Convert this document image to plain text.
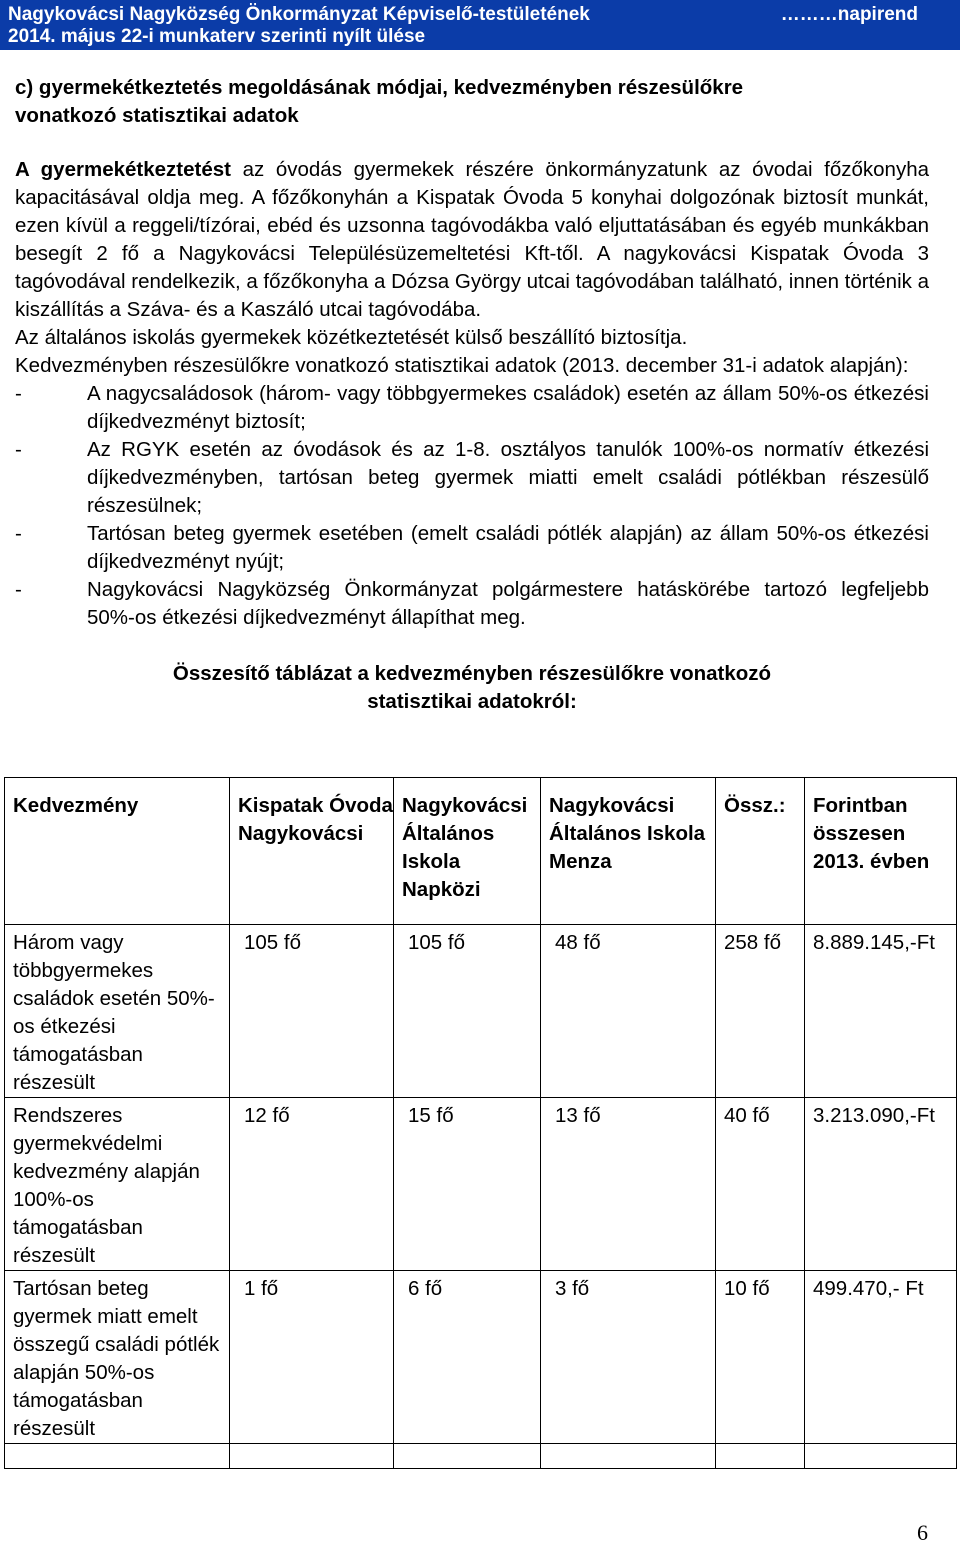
Nagykovácsi Nagyközség Önkormányzat Képviselő-testületének
2014. május 22-i munkaterv szerinti nyílt ülése
………napirend

c) gyermekétkeztetés megoldásának módjai, kedvezményben részesülőkre

vonatkozó statisztikai adatok

A gyermekétkeztetést az óvodás gyermekek részére önkormányzatunk az óvodai főzőkonyha kapacitásával oldja meg. A főzőkonyhán a Kispatak Óvoda 5 konyhai dolgozónak biztosít munkát, ezen kívül a reggeli/tízórai, ebéd és uzsonna tagóvodákba való eljuttatásában és egyéb munkákban besegít 2 fő a Nagykovácsi Településüzemeltetési Kft-től. A nagykovácsi Kispatak Óvoda 3 tagóvodával rendelkezik, a főzőkonyha a Dózsa György utcai tagóvodában található, innen történik a kiszállítás a Száva- és a Kaszáló utcai tagóvodába.

Az általános iskolás gyermekek közétkeztetését külső beszállító biztosítja.

Kedvezményben részesülőkre vonatkozó statisztikai adatok (2013. december 31-i adatok alapján):

-	A nagycsaládosok (három- vagy többgyermekes családok) esetén az állam 50%-os étkezési díjkedvezményt biztosít;
-	Az RGYK esetén az óvodások és az 1-8. osztályos tanulók 100%-os normatív étkezési díjkedvezményben, tartósan beteg gyermek miatti emelt családi pótlékban részesülő részesülnek;
-	Tartósan beteg gyermek esetében (emelt családi pótlék alapján) az állam 50%-os étkezési díjkedvezményt nyújt;
-	Nagykovácsi Nagyközség Önkormányzat polgármestere hatáskörébe tartozó legfeljebb 50%-os étkezési díjkedvezményt állapíthat meg.

Összesítő táblázat a kedvezményben részesülőkre vonatkozó

statisztikai adatokról:

Kedvezmény	Kispatak Óvoda Nagykovácsi	Nagykovácsi Általános Iskola Napközi	Nagykovácsi Általános Iskola Menza	Össz.:	Forintban összesen 2013. évben
Három vagy többgyermekes családok esetén 50%-os étkezési támogatásban részesült	105 fő	105 fő	48 fő	258 fő	8.889.145,-Ft
Rendszeres gyermekvédelmi kedvezmény alapján 100%-os támogatásban részesült	12 fő	15 fő	13 fő	40 fő	3.213.090,-Ft
Tartósan beteg gyermek miatt emelt összegű családi pótlék alapján 50%-os támogatásban részesült	1 fő	6 fő	3 fő	10 fő	499.470,- Ft

6
